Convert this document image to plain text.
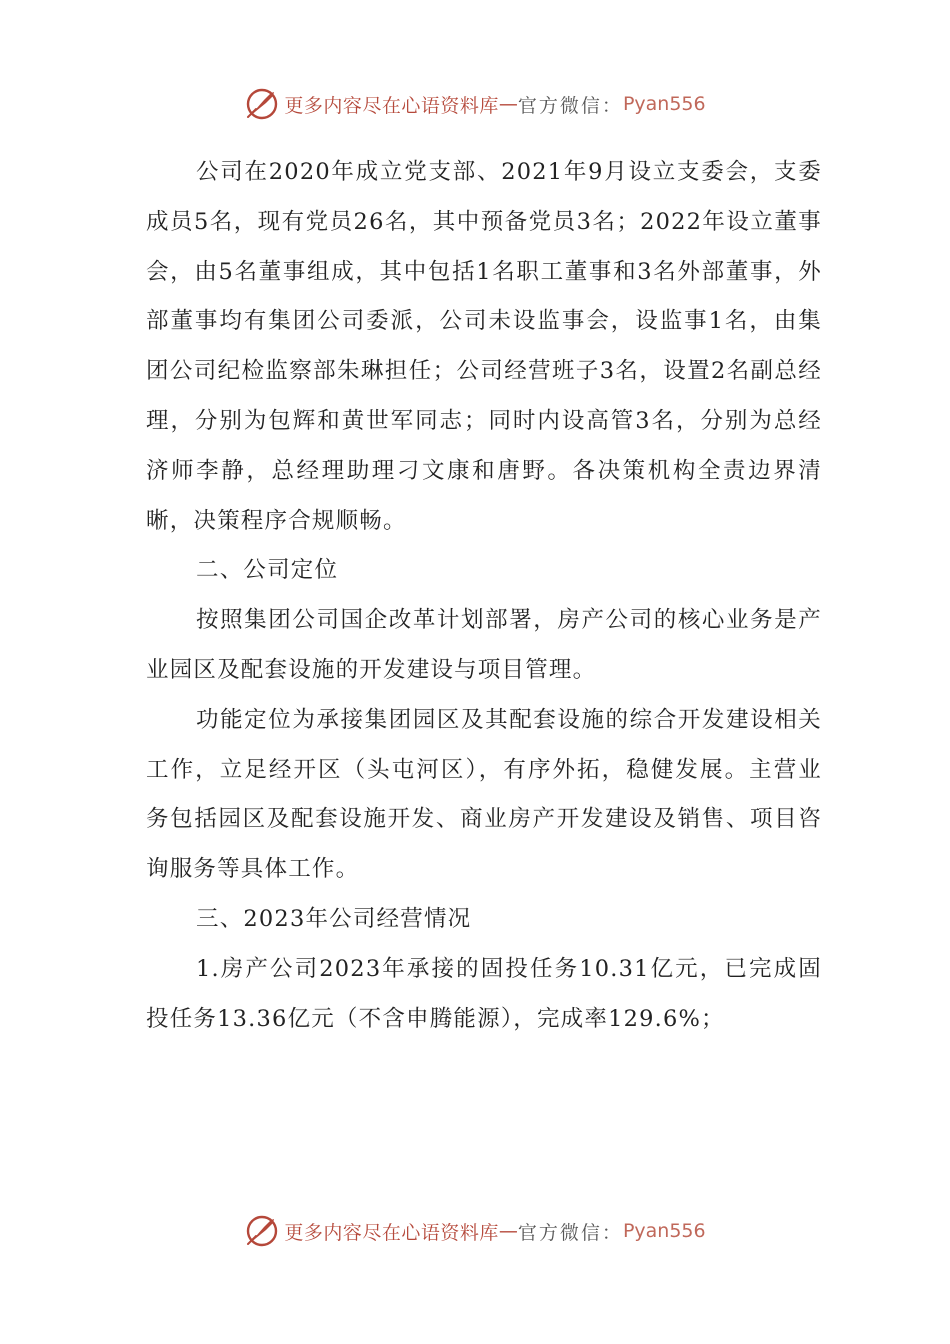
更多内容尽在心语资料库 — 官方微信： Pyan556

公司在2020年成立党支部、2021年9月设立支委会，支委成员5名，现有党员26名，其中预备党员3名；2022年设立董事会，由5名董事组成，其中包括1名职工董事和3名外部董事，外部董事均有集团公司委派，公司未设监事会，设监事1名，由集团公司纪检监察部朱琳担任；公司经营班子3名，设置2名副总经理，分别为包辉和黄世军同志；同时内设高管3名，分别为总经济师李静，总经理助理刁文康和唐野。各决策机构全责边界清晰，决策程序合规顺畅。

二、公司定位

按照集团公司国企改革计划部署，房产公司的核心业务是产业园区及配套设施的开发建设与项目管理。

功能定位为承接集团园区及其配套设施的综合开发建设相关工作，立足经开区（头屯河区），有序外拓，稳健发展。主营业务包括园区及配套设施开发、商业房产开发建设及销售、项目咨询服务等具体工作。

三、2023年公司经营情况

1.房产公司2023年承接的固投任务10.31亿元，已完成固投任务13.36亿元（不含申腾能源），完成率129.6%；

更多内容尽在心语资料库 — 官方微信： Pyan556
